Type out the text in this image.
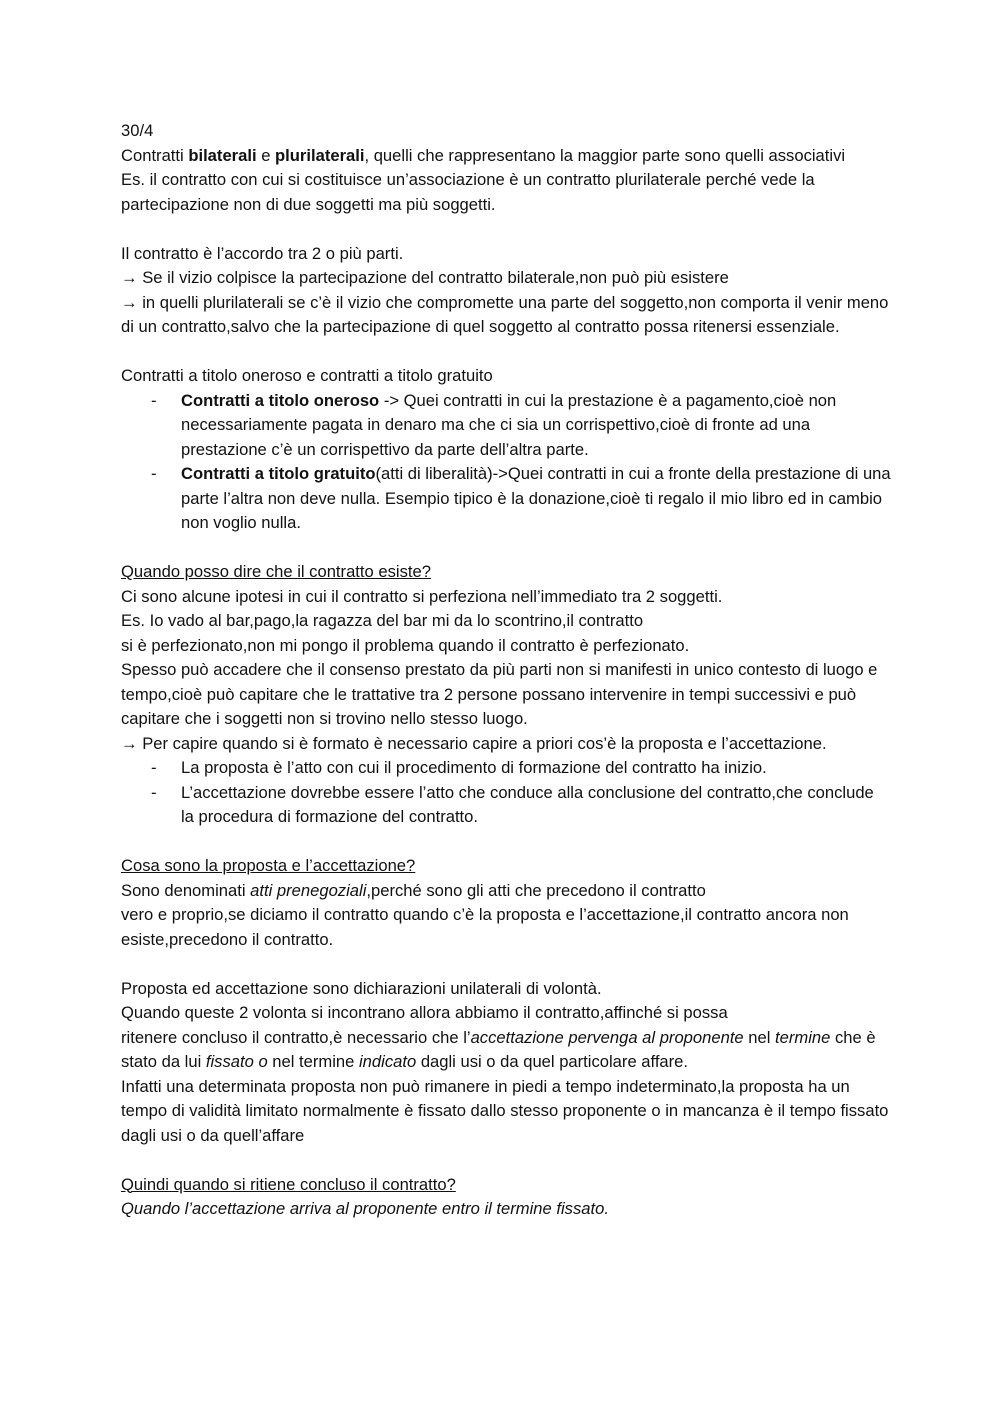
30/4

Contratti bilaterali e plurilaterali, quelli che rappresentano la maggior parte sono quelli associativi

Es. il contratto con cui si costituisce un’associazione è un contratto plurilaterale perché vede la partecipazione non di due soggetti ma più soggetti.

Il contratto è l’accordo tra 2 o più parti.

→ Se il vizio colpisce la partecipazione del contratto bilaterale,non può più esistere

→ in quelli plurilaterali se c’è il vizio che compromette una parte del soggetto,non comporta il venir meno di un contratto,salvo che la partecipazione di quel soggetto al contratto possa ritenersi essenziale.

Contratti a titolo oneroso e contratti a titolo gratuito

- Contratti a titolo oneroso -> Quei contratti in cui la prestazione è a pagamento,cioè non necessariamente pagata in denaro ma che ci sia un corrispettivo,cioè di fronte ad una prestazione c’è un corrispettivo da parte dell’altra parte.
- Contratti a titolo gratuito(atti di liberalità)->Quei contratti in cui a fronte della prestazione di una parte l’altra non deve nulla. Esempio tipico è la donazione,cioè ti regalo il mio libro ed in cambio non voglio nulla.

Quando posso dire che il contratto esiste?

Ci sono alcune ipotesi in cui il contratto si perfeziona nell’immediato tra 2 soggetti.

Es. Io vado al bar,pago,la ragazza del bar mi da lo scontrino,il contratto

si è perfezionato,non mi pongo il problema quando il contratto è perfezionato.

Spesso può accadere che il consenso prestato da più parti non si manifesti in unico contesto di luogo e tempo,cioè può capitare che le trattative tra 2 persone possano intervenire in tempi successivi e può capitare che i soggetti non si trovino nello stesso luogo.

→ Per capire quando si è formato è necessario capire a priori cos’è la proposta e l’accettazione.

- La proposta è l’atto con cui il procedimento di formazione del contratto ha inizio.
- L’accettazione dovrebbe essere l’atto che conduce alla conclusione del contratto,che conclude la procedura di formazione del contratto.

Cosa sono la proposta e l’accettazione?

Sono denominati atti prenegoziali,perché sono gli atti che precedono il contratto

vero e proprio,se diciamo il contratto quando c’è la proposta e l’accettazione,il contratto ancora non esiste,precedono il contratto.

Proposta ed accettazione sono dichiarazioni unilaterali di volontà.

Quando queste 2 volonta si incontrano allora abbiamo il contratto,affinché si possa

ritenere concluso il contratto,è necessario che l’accettazione pervenga al proponente nel termine che è stato da lui fissato o nel termine indicato dagli usi o da quel particolare affare.

Infatti una determinata proposta non può rimanere in piedi a tempo indeterminato,la proposta ha un tempo di validità limitato normalmente è fissato dallo stesso proponente o in mancanza è il tempo fissato dagli usi o da quell’affare

Quindi quando si ritiene concluso il contratto?

Quando l’accettazione arriva al proponente entro il termine fissato.
